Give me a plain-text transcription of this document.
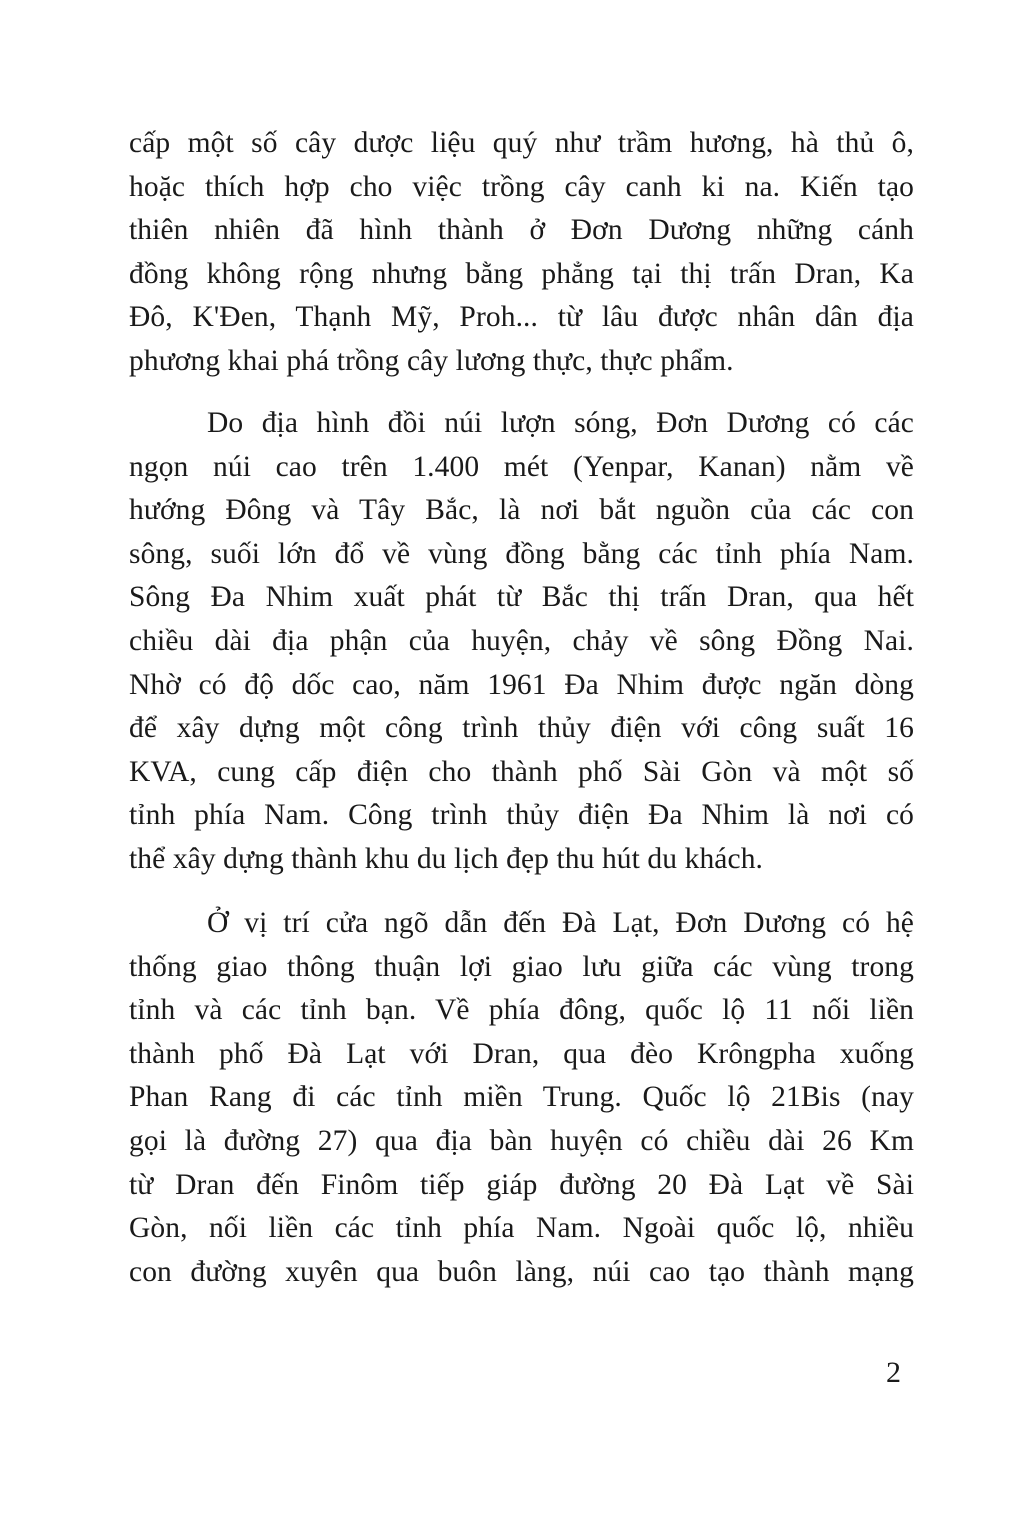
cấp một số cây dược liệu quý như trầm hương, hà thủ ô,
hoặc thích hợp cho việc trồng cây canh ki na. Kiến tạo
thiên nhiên đã hình thành ở Đơn Dương những cánh
đồng không rộng nhưng bằng phẳng tại thị trấn Dran, Ka
Đô, K'Đen, Thạnh Mỹ, Proh... từ lâu được nhân dân địa
phương khai phá trồng cây lương thực, thực phẩm.

Do địa hình đồi núi lượn sóng, Đơn Dương có các
ngọn núi cao trên 1.400 mét (Yenpar, Kanan) nằm về
hướng Đông và Tây Bắc, là nơi bắt nguồn của các con
sông, suối lớn đổ về vùng đồng bằng các tỉnh phía Nam.
Sông Đa Nhim xuất phát từ Bắc thị trấn Dran, qua hết
chiều dài địa phận của huyện, chảy về sông Đồng Nai.
Nhờ có độ dốc cao, năm 1961 Đa Nhim được ngăn dòng
để xây dựng một công trình thủy điện với công suất 16
KVA, cung cấp điện cho thành phố Sài Gòn và một số
tỉnh phía Nam. Công trình thủy điện Đa Nhim là nơi có
thể xây dựng thành khu du lịch đẹp thu hút du khách.

Ở vị trí cửa ngõ dẫn đến Đà Lạt, Đơn Dương có hệ
thống giao thông thuận lợi giao lưu giữa các vùng trong
tỉnh và các tỉnh bạn. Về phía đông, quốc lộ 11 nối liền
thành phố Đà Lạt với Dran, qua đèo Krôngpha xuống
Phan Rang đi các tỉnh miền Trung. Quốc lộ 21Bis (nay
gọi là đường 27) qua địa bàn huyện có chiều dài 26 Km
từ Dran đến Finôm tiếp giáp đường 20 Đà Lạt về Sài
Gòn, nối liền các tỉnh phía Nam. Ngoài quốc lộ, nhiều
con đường xuyên qua buôn làng, núi cao tạo thành mạng

2
